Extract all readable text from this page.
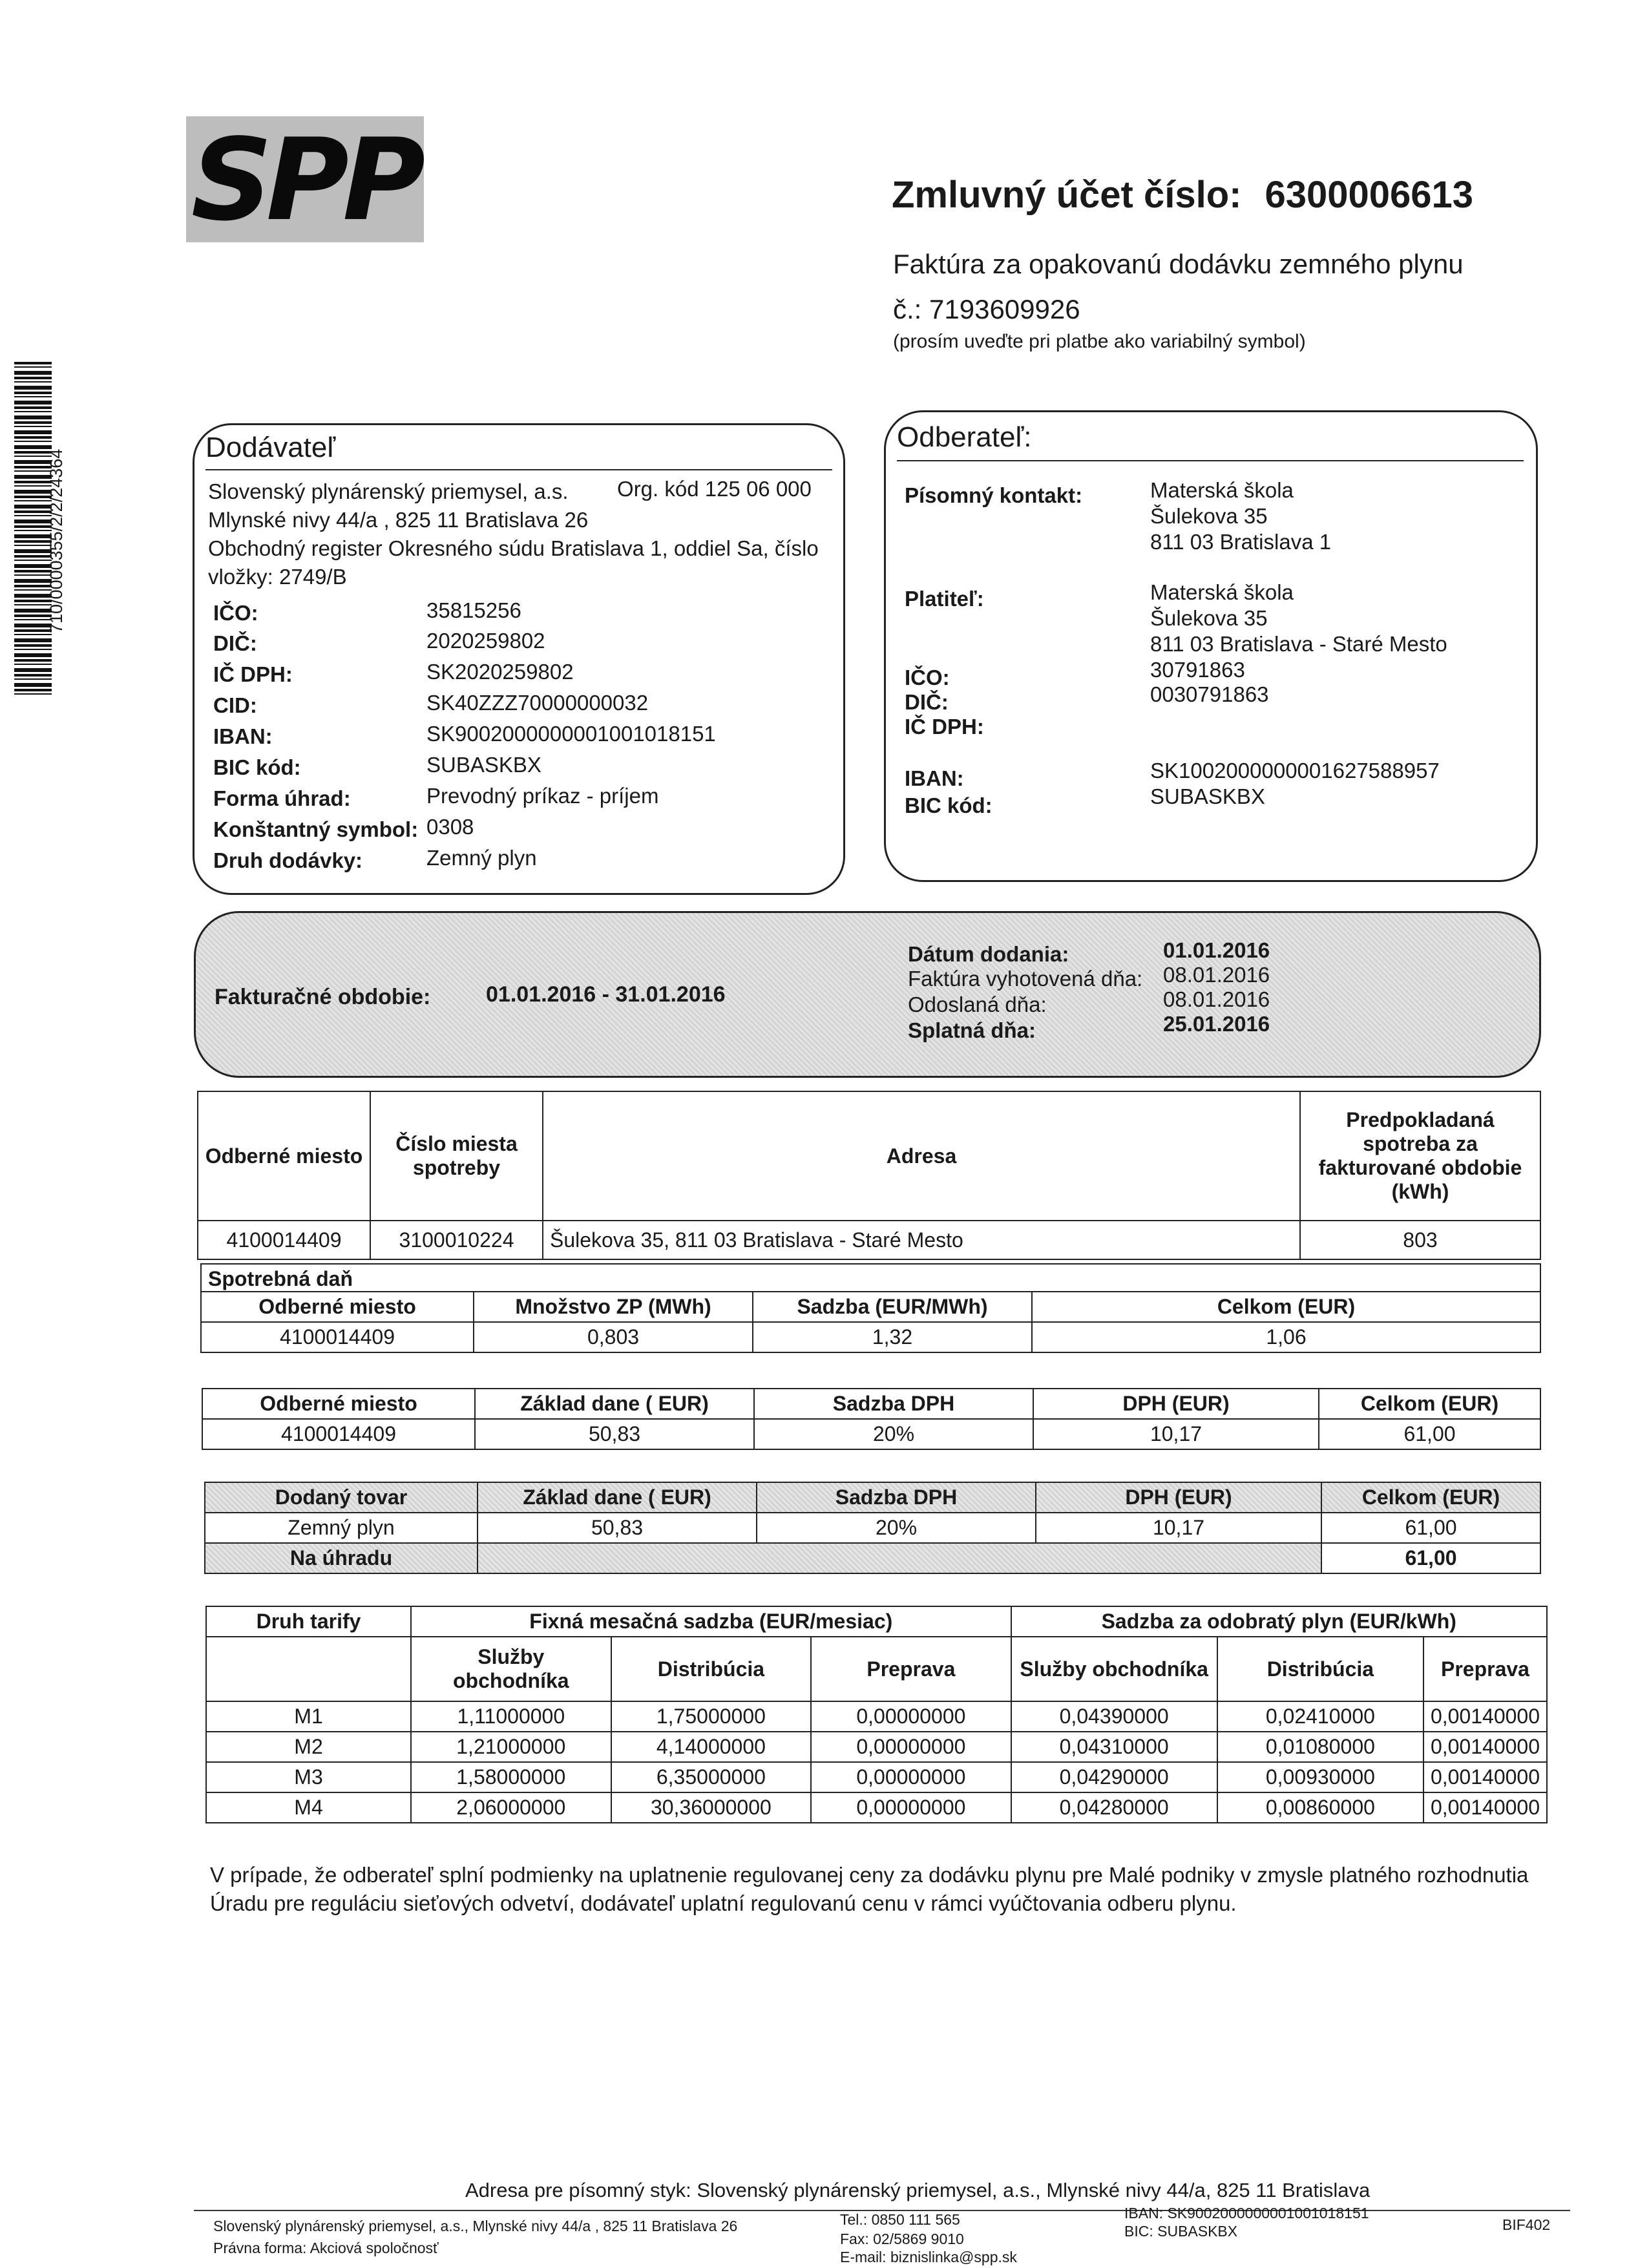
710/0000355/2/2/24364
SPP	Zmluvný účet číslo: 6300006613
Faktúra za opakovanú dodávku zemného plynu
č.: 7193609926
(prosím uveďte pri platbe ako variabilný symbol)
Dodávateľ
Slovenský plynárenský priemysel, a.s. Org. kód 125 06 000
Mlynské nivy 44/a , 825 11 Bratislava 26
Obchodný register Okresného súdu Bratislava 1, oddiel Sa, číslo
vložky: 2749/B
IČO:	35815256
DIČ:	2020259802
IČ DPH:	SK2020259802
CID:	SK40ZZZ70000000032
IBAN:	SK9002000000001001018151
BIC kód:	SUBASKBX
Forma úhrad:	Prevodný príkaz - príjem
Konštantný symbol: 0308
Druh dodávky:	Zemný plyn
Odberateľ:
Písomný kontakt:	Materská škola
Šulekova 35
811 03 Bratislava 1
Platiteľ:	Materská škola
Šulekova 35
811 03 Bratislava - Staré Mesto
IČO:	30791863
DIČ:	0030791863
IČ DPH:
IBAN:	SK1002000000001627588957
BIC kód:	SUBASKBX
Fakturačné obdobie:	01.01.2016 - 31.01.2016
Dátum dodania:	01.01.2016
Faktúra vyhotovená dňa: 08.01.2016
Odoslaná dňa:	08.01.2016
Splatná dňa:	25.01.2016
Odberné miesto	Číslo miesta spotreby	Adresa	Predpokladaná spotreba za fakturované obdobie (kWh)
4100014409	3100010224	Šulekova 35, 811 03 Bratislava - Staré Mesto	803
Spotrebná daň			
Odberné miesto	Množstvo ZP (MWh)	Sadzba (EUR/MWh)	Celkom (EUR)
4100014409	0,803	1,32	1,06
Odberné miesto	Základ dane ( EUR)	Sadzba DPH	DPH (EUR)	Celkom (EUR)
4100014409	50,83	20%	10,17	61,00
Dodaný tovar	Základ dane ( EUR)	Sadzba DPH	DPH (EUR)	Celkom (EUR)
Zemný plyn	50,83	20%	10,17	61,00
Na úhradu				61,00
Druh tarify	Fixná mesačná sadzba (EUR/mesiac)			Sadzba za odobratý plyn (EUR/kWh)		
	Služby obchodníka	Distribúcia	Preprava	Služby obchodníka	Distribúcia	Preprava
M1	1,11000000	1,75000000	0,00000000	0,04390000	0,02410000	0,00140000
M2	1,21000000	4,14000000	0,00000000	0,04310000	0,01080000	0,00140000
M3	1,58000000	6,35000000	0,00000000	0,04290000	0,00930000	0,00140000
M4	2,06000000	30,36000000	0,00000000	0,04280000	0,00860000	0,00140000
V prípade, že odberateľ splní podmienky na uplatnenie regulovanej ceny za dodávku plynu pre Malé podniky v zmysle platného rozhodnutia Úradu pre reguláciu sieťových odvetví, dodávateľ uplatní regulovanú cenu v rámci vyúčtovania odberu plynu.
Adresa pre písomný styk: Slovenský plynárenský priemysel, a.s., Mlynské nivy 44/a, 825 11 Bratislava
Slovenský plynárenský priemysel, a.s., Mlynské nivy 44/a , 825 11 Bratislava 26
Právna forma: Akciová spoločnosť
Tel.: 0850 111 565
Fax: 02/5869 9010
E-mail: biznislinka@spp.sk
IBAN: SK9002000000001001018151
BIC: SUBASKBX	BIF402
